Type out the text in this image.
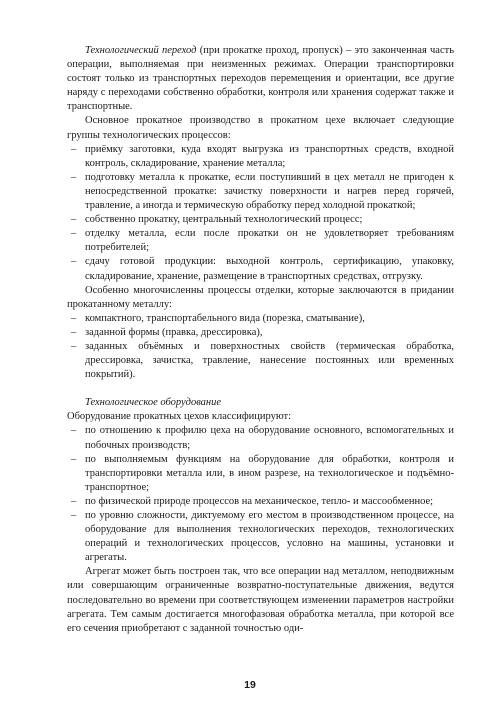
Технологический переход (при прокатке проход, пропуск) – это законченная часть операции, выполняемая при неизменных режимах. Операции транспортировки состоят только из транспортных переходов перемещения и ориентации, все другие наряду с переходами собственно обработки, контроля или хранения содержат также и транспортные.

Основное прокатное производство в прокатном цехе включает следующие группы технологических процессов:

– приёмку заготовки, куда входят выгрузка из транспортных средств, входной контроль, складирование, хранение металла;
– подготовку металла к прокатке, если поступивший в цех металл не пригоден к непосредственной прокатке: зачистку поверхности и нагрев перед горячей, травление, а иногда и термическую обработку перед холодной прокаткой;
– собственно прокатку, центральный технологический процесс;
– отделку металла, если после прокатки он не удовлетворяет требованиям потребителей;
– сдачу готовой продукции: выходной контроль, сертификацию, упаковку, складирование, хранение, размещение в транспортных средствах, отгрузку.

Особенно многочисленны процессы отделки, которые заключаются в придании прокатанному металлу:

– компактного, транспортабельного вида (порезка, сматывание),
– заданной формы (правка, дрессировка),
– заданных объёмных и поверхностных свойств (термическая обработка, дрессировка, зачистка, травление, нанесение постоянных или временных покрытий).

Технологическое оборудование

Оборудование прокатных цехов классифицируют:

– по отношению к профилю цеха на оборудование основного, вспомогательных и побочных производств;
– по выполняемым функциям на оборудование для обработки, контроля и транспортировки металла или, в ином разрезе, на технологическое и подъёмно-транспортное;
– по физической природе процессов на механическое, тепло- и массообменное;
– по уровню сложности, диктуемому его местом в производственном процессе, на оборудование для выполнения технологических переходов, технологических операций и технологических процессов, условно на машины, установки и агрегаты.

Агрегат может быть построен так, что все операции над металлом, неподвижным или совершающим ограниченные возвратно-поступательные движения, ведутся последовательно во времени при соответствующем изменении параметров настройки агрегата. Тем самым достигается многофазовая обработка металла, при которой все его сечения приобретают с заданной точностью оди-

19
